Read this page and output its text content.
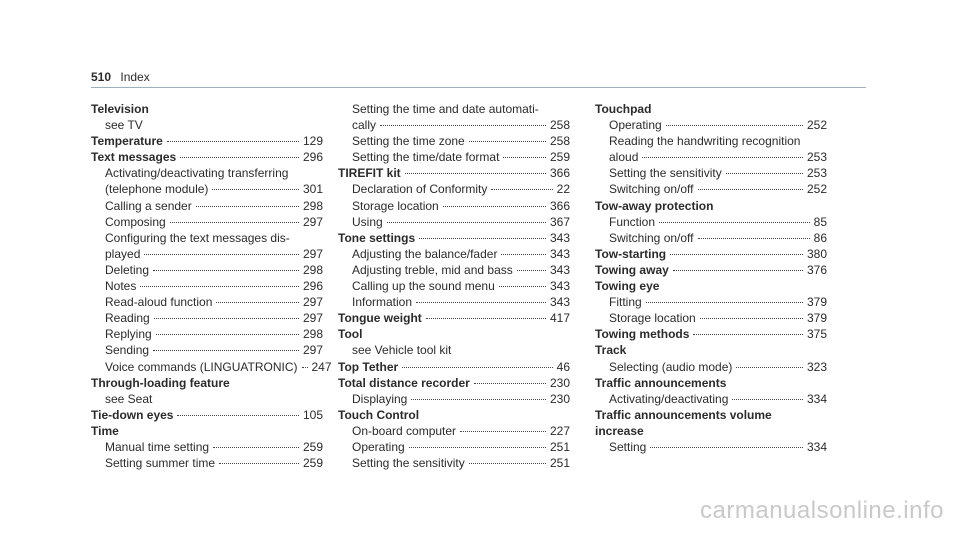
510 Index
Television
see TV
Temperature	129
Text messages	296
Activating/deactivating transferring
(telephone module)	301
Calling a sender	298
Composing	297
Configuring the text messages dis-
played	297
Deleting	298
Notes	296
Read-aloud function	297
Reading	297
Replying	298
Sending	297
Voice commands (LINGUATRONIC) 247
Through-loading feature
see Seat
Tie-down eyes	105
Time
Manual time setting	259
Setting summer time	259
Setting the time and date automati-
cally	258
Setting the time zone	258
Setting the time/date format	259
TIREFIT kit	366
Declaration of Conformity	22
Storage location	366
Using	367
Tone settings	343
Adjusting the balance/fader	343
Adjusting treble, mid and bass	343
Calling up the sound menu	343
Information	343
Tongue weight	417
Tool
see Vehicle tool kit
Top Tether	46
Total distance recorder	230
Displaying	230
Touch Control
On-board computer	227
Operating	251
Setting the sensitivity	251
Touchpad
Operating	252
Reading the handwriting recognition
aloud	253
Setting the sensitivity	253
Switching on/off	252
Tow-away protection
Function	85
Switching on/off	86
Tow-starting	380
Towing away	376
Towing eye
Fitting	379
Storage location	379
Towing methods	375
Track
Selecting (audio mode)	323
Traffic announcements
Activating/deactivating	334
Traffic announcements volume
increase
Setting	334
carmanualsonline.info
